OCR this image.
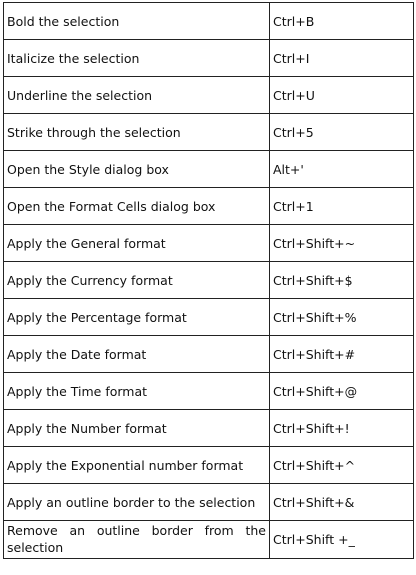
Bold the selection	Ctrl+B
Italicize the selection	Ctrl+I
Underline the selection	Ctrl+U
Strike through the selection	Ctrl+5
Open the Style dialog box	Alt+'
Open the Format Cells dialog box	Ctrl+1
Apply the General format	Ctrl+Shift+~
Apply the Currency format	Ctrl+Shift+$
Apply the Percentage format	Ctrl+Shift+%
Apply the Date format	Ctrl+Shift+#
Apply the Time format	Ctrl+Shift+@
Apply the Number format	Ctrl+Shift+!
Apply the Exponential number format	Ctrl+Shift+^
Apply an outline border to the selection	Ctrl+Shift+&
Remove an outline border from the selection	Ctrl+Shift +_
